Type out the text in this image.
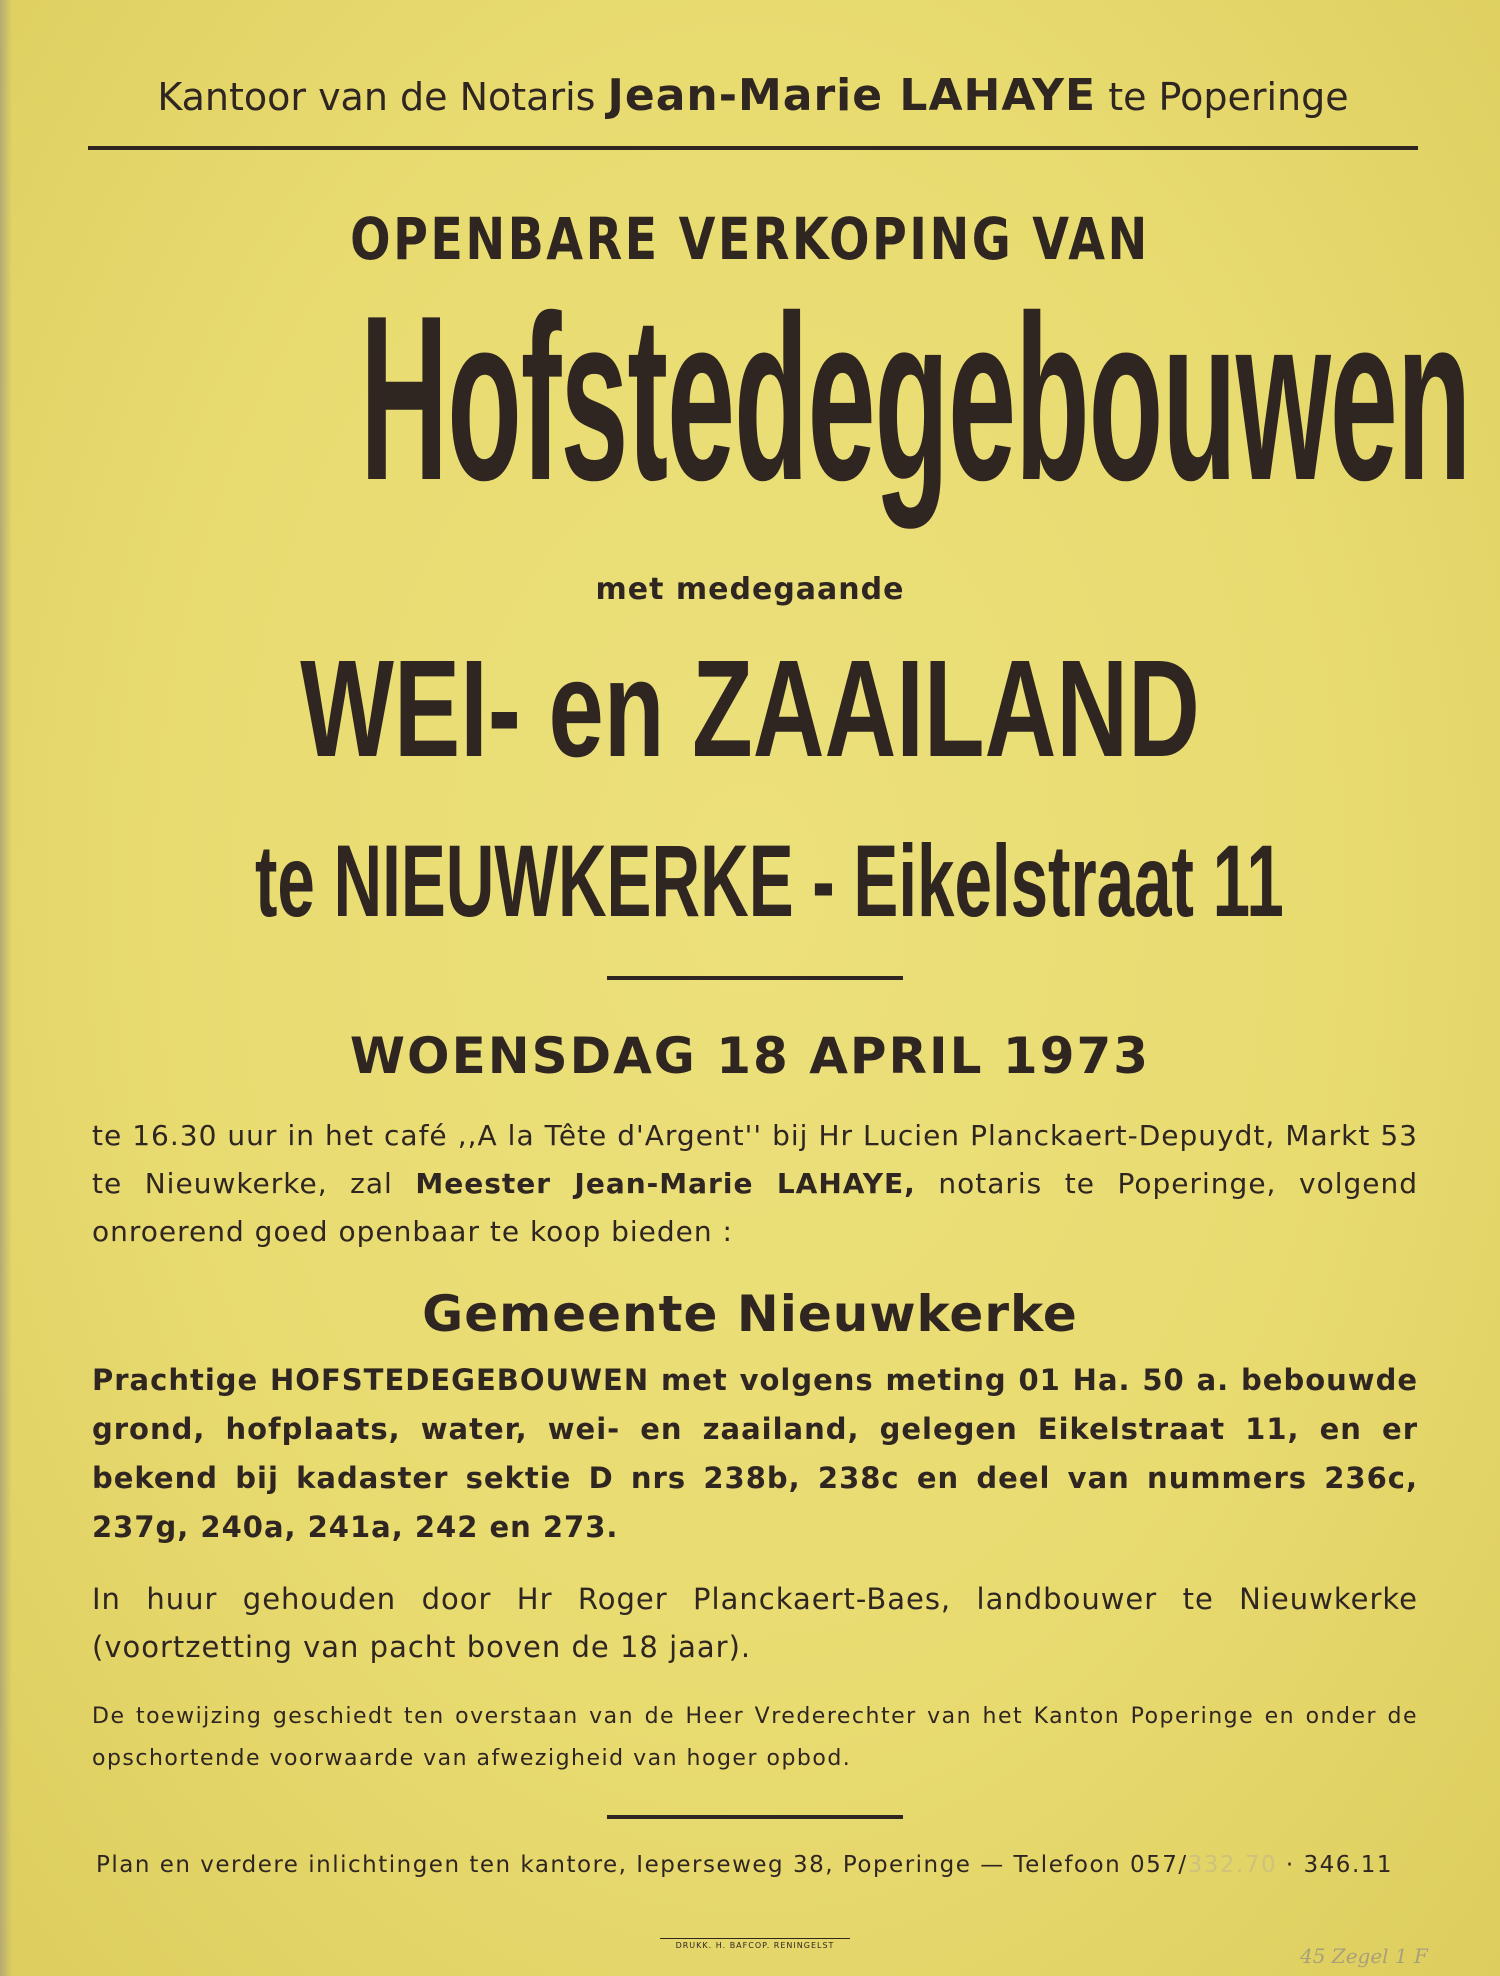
Kantoor van de Notaris Jean-Marie LAHAYE te Poperinge
OPENBARE VERKOPING VAN
Hofstedegebouwen
met medegaande
WEI- en ZAAILAND
te NIEUWKERKE - Eikelstraat 11
WOENSDAG 18 APRIL 1973
te 16.30 uur in het café ,,A la Tête d'Argent'' bij Hr Lucien Planckaert-Depuydt, Markt 53 te Nieuwkerke, zal Meester Jean-Marie LAHAYE, notaris te Poperinge, volgend onroerend goed openbaar te koop bieden :
Gemeente Nieuwkerke
Prachtige HOFSTEDEGEBOUWEN met volgens meting 01 Ha. 50 a. bebouwde grond, hofplaats, water, wei- en zaailand, gelegen Eikelstraat 11, en er bekend bij kadaster sektie D nrs 238b, 238c en deel van nummers 236c, 237g, 240a, 241a, 242 en 273.
In huur gehouden door Hr Roger Planckaert-Baes, landbouwer te Nieuwkerke (voortzetting van pacht boven de 18 jaar).
De toewijzing geschiedt ten overstaan van de Heer Vrederechter van het Kanton Poperinge en onder de opschortende voorwaarde van afwezigheid van hoger opbod.
Plan en verdere inlichtingen ten kantore, Ieperseweg 38, Poperinge — Telefoon 057/332.70 · 346.11
DRUKK. H. BAFCOP. RENINGELST	45 Zegel 1 F
